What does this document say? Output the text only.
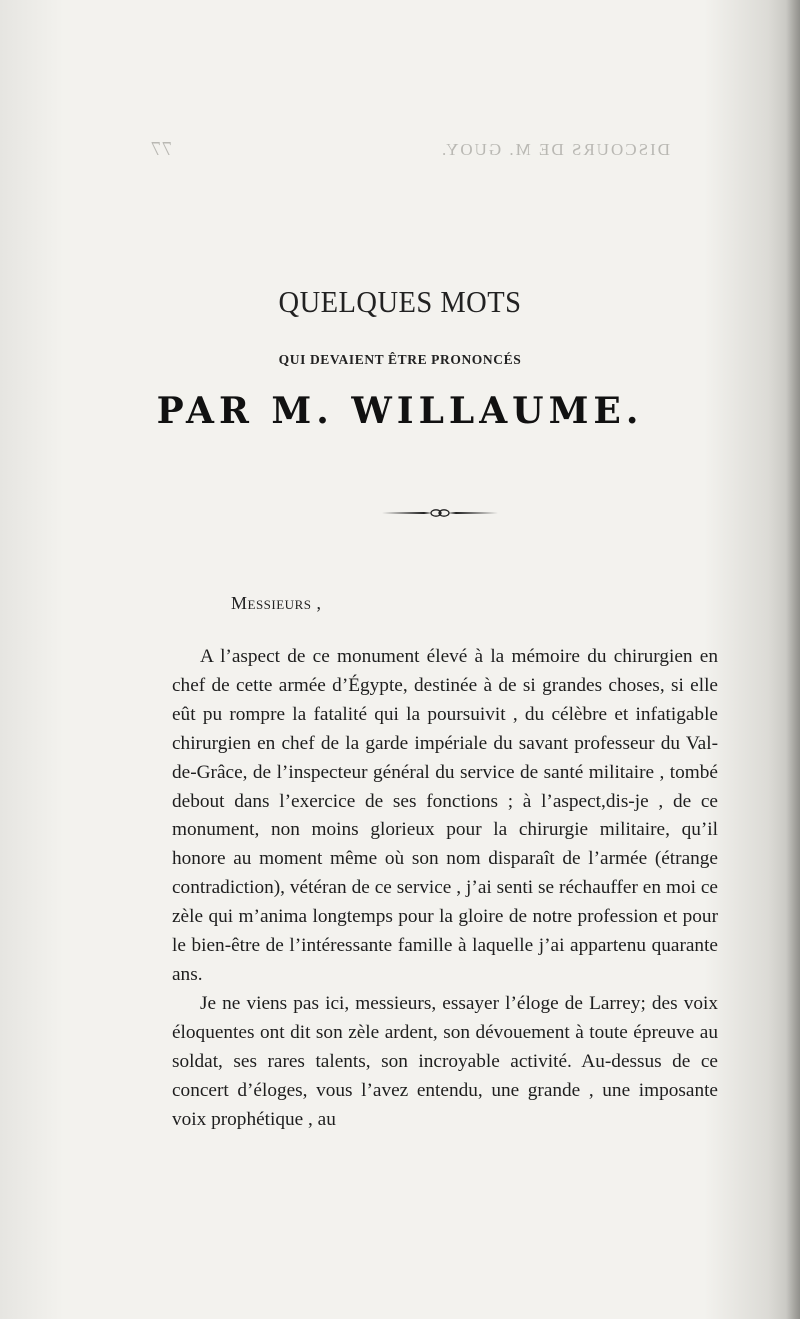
77	DISCOURS DE M. GUOY.
QUELQUES MOTS
QUI DEVAIENT ÊTRE PRONONCÉS
PAR M. WILLAUME.
Messieurs ,

A l’aspect de ce monument élevé à la mémoire du chirurgien en chef de cette armée d’Égypte, destinée à de si grandes choses, si elle eût pu rompre la fatalité qui la poursuivit , du célèbre et infatigable chirurgien en chef de la garde impériale du savant professeur du Val-de-Grâce, de l’inspecteur général du service de santé militaire , tombé debout dans l’exercice de ses fonctions ; à l’aspect,dis-je , de ce monument, non moins glorieux pour la chirurgie militaire, qu’il honore au moment même où son nom disparaît de l’armée (étrange contradiction), vétéran de ce service , j’ai senti se réchauffer en moi ce zèle qui m’anima longtemps pour la gloire de notre profession et pour le bien-être de l’intéressante famille à laquelle j’ai appartenu quarante ans.

Je ne viens pas ici, messieurs, essayer l’éloge de Larrey; des voix éloquentes ont dit son zèle ardent, son dévouement à toute épreuve au soldat, ses rares talents, son incroyable activité. Au-dessus de ce concert d’éloges, vous l’avez entendu, une grande , une imposante voix prophétique , au
